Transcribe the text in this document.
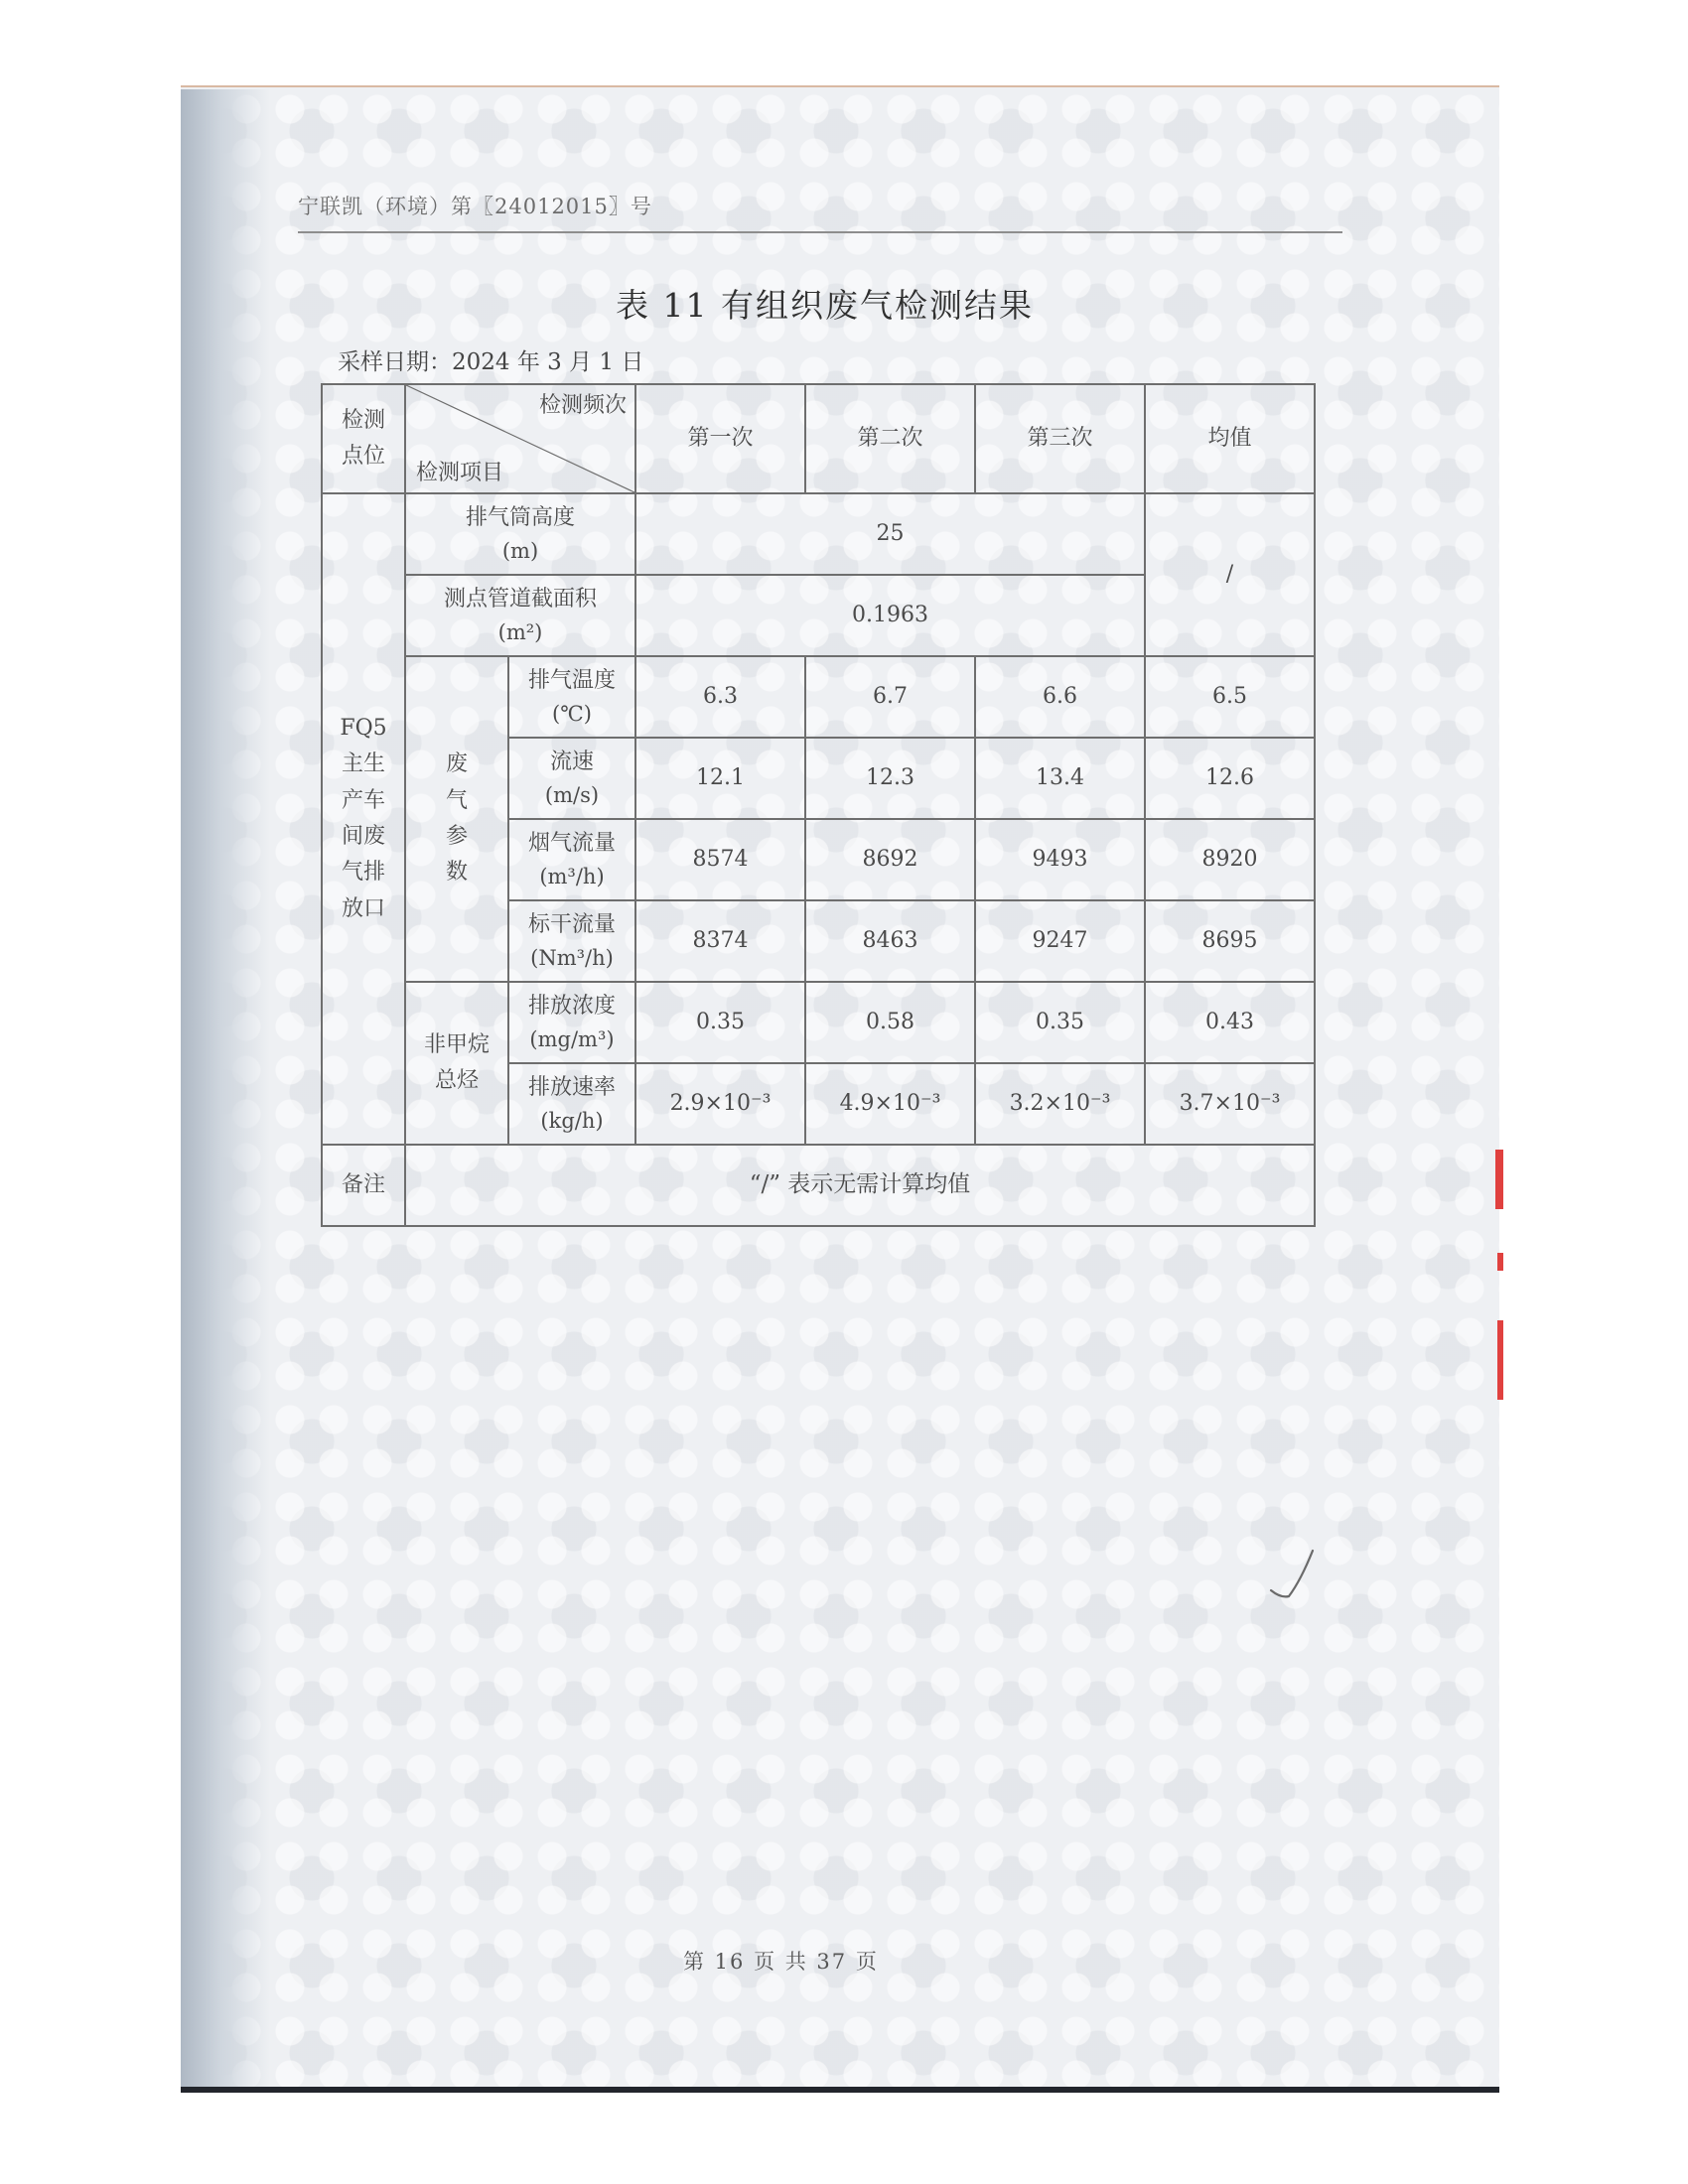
宁联凯（环境）第〖24012015〗号
表 11 有组织废气检测结果
采样日期：2024 年 3 月 1 日
检测点位	检测频次
检测项目		第一次	第二次	第三次	均值
FQ5主生产车间废气排放口	排气筒高度
(m)		25			/

	测点管道截面积
(m²)		0.1963			
	废气参数	排气温度
(℃)	6.3	6.7	6.6	6.5

		流速
(m/s)	12.1	12.3	13.4	12.6

		烟气流量
(m³/h)	8574	8692	9493	8920

		标干流量
(Nm³/h)	8374	8463	9247	8695
	非甲烷总烃	排放浓度
(mg/m³)	0.35	0.58	0.35	0.43

		排放速率
(kg/h)	2.9×10⁻³	4.9×10⁻³	3.2×10⁻³	3.7×10⁻³
备注	“/” 表示无需计算均值					
第 16 页 共 37 页
